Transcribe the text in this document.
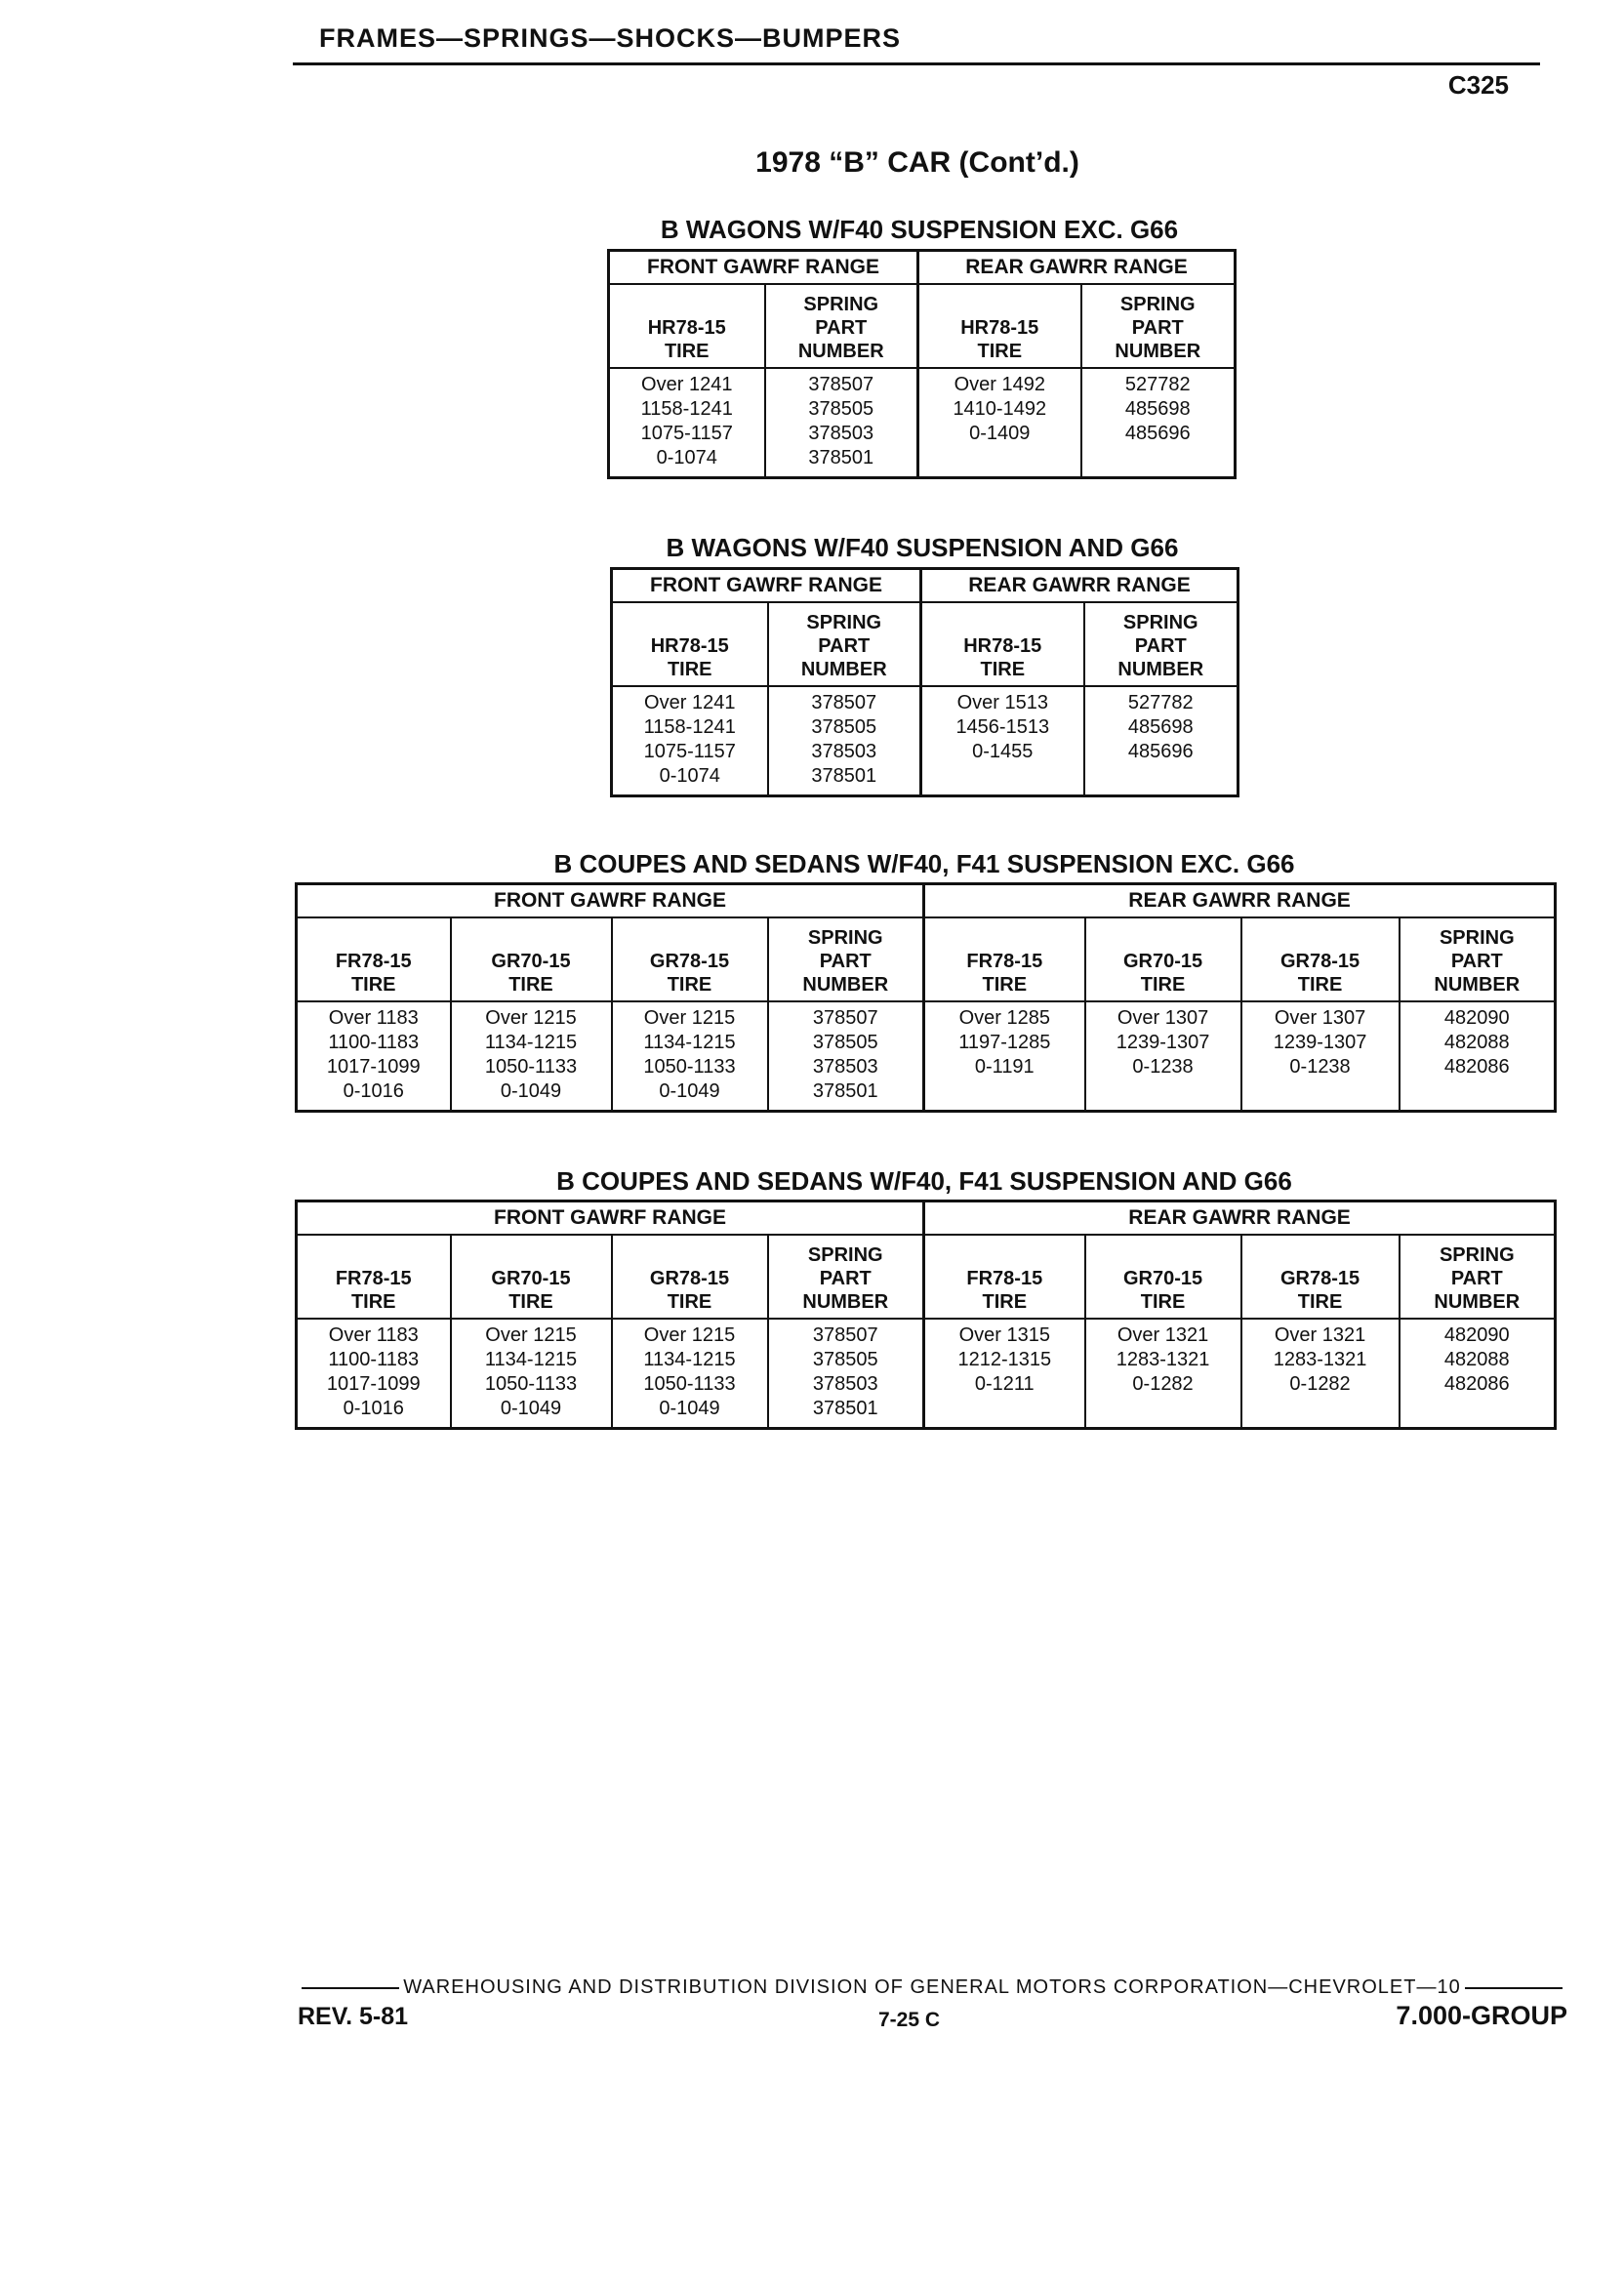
FRAMES—SPRINGS—SHOCKS—BUMPERS
C325
1978 “B” CAR (Cont’d.)
B WAGONS W/F40 SUSPENSION EXC. G66
FRONT GAWRF RANGE		REAR GAWRR RANGE	

HR78-15
TIRE	SPRING
PART
NUMBER	HR78-15
TIRE	SPRING
PART
NUMBER

Over 1241
1158-1241
1075-1157
0-1074	378507
378505
378503
378501	Over 1492
1410-1492
0-1409	527782
485698
485696
B WAGONS W/F40 SUSPENSION AND G66
FRONT GAWRF RANGE		REAR GAWRR RANGE	

HR78-15
TIRE	SPRING
PART
NUMBER	HR78-15
TIRE	SPRING
PART
NUMBER

Over 1241
1158-1241
1075-1157
0-1074	378507
378505
378503
378501	Over 1513
1456-1513
0-1455	527782
485698
485696
B COUPES AND SEDANS W/F40, F41 SUSPENSION EXC. G66
FRONT GAWRF RANGE				REAR GAWRR RANGE			

FR78-15
TIRE	GR70-15
TIRE	GR78-15
TIRE	SPRING
PART
NUMBER	FR78-15
TIRE	GR70-15
TIRE	GR78-15
TIRE	SPRING
PART
NUMBER

Over 1183
1100-1183
1017-1099
0-1016	Over 1215
1134-1215
1050-1133
0-1049	Over 1215
1134-1215
1050-1133
0-1049	378507
378505
378503
378501	Over 1285
1197-1285
0-1191	Over 1307
1239-1307
0-1238	Over 1307
1239-1307
0-1238	482090
482088
482086
B COUPES AND SEDANS W/F40, F41 SUSPENSION AND G66
FRONT GAWRF RANGE				REAR GAWRR RANGE			

FR78-15
TIRE	GR70-15
TIRE	GR78-15
TIRE	SPRING
PART
NUMBER	FR78-15
TIRE	GR70-15
TIRE	GR78-15
TIRE	SPRING
PART
NUMBER

Over 1183
1100-1183
1017-1099
0-1016	Over 1215
1134-1215
1050-1133
0-1049	Over 1215
1134-1215
1050-1133
0-1049	378507
378505
378503
378501	Over 1315
1212-1315
0-1211	Over 1321
1283-1321
0-1282	Over 1321
1283-1321
0-1282	482090
482088
482086
WAREHOUSING AND DISTRIBUTION DIVISION OF GENERAL MOTORS CORPORATION—CHEVROLET—10
REV. 5-81	7-25 C	7.000-GROUP
